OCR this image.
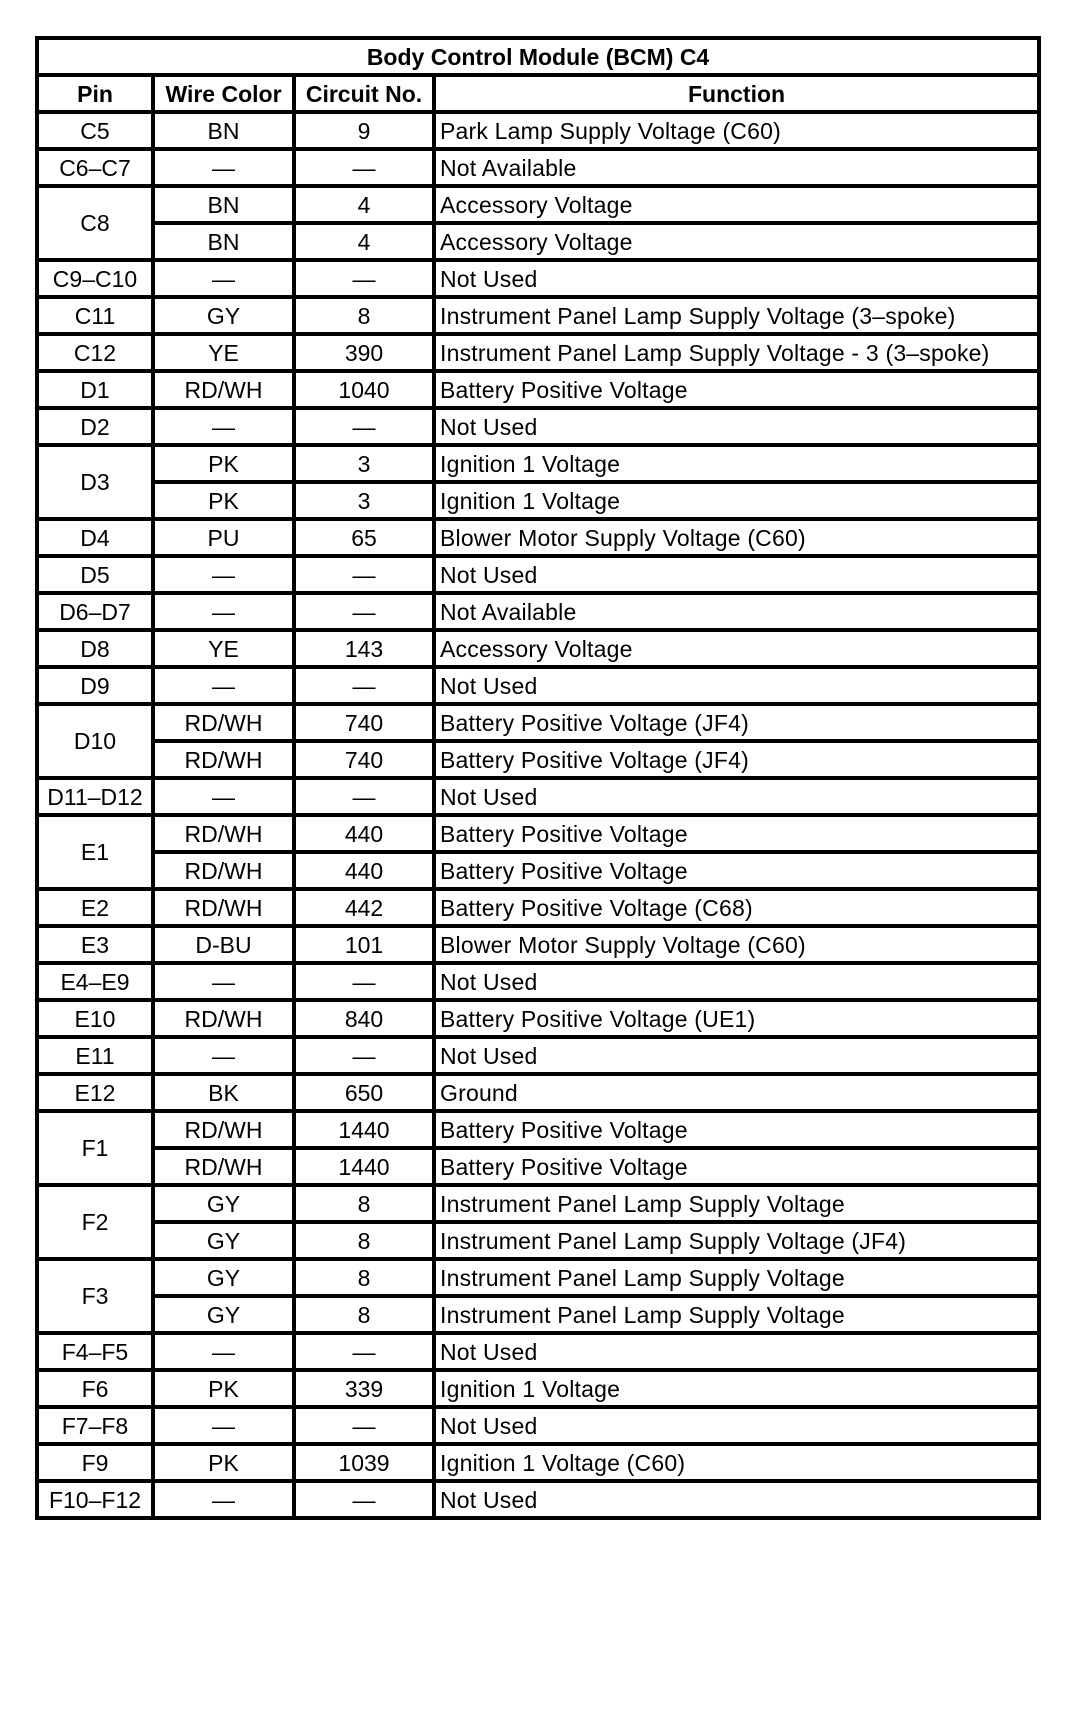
Body Control Module (BCM) C4			
Pin	Wire Color	Circuit No.	Function
C5	BN	9	Park Lamp Supply Voltage (C60)
C6–C7	—	—	Not Available
C8	BN	4	Accessory Voltage
	BN	4	Accessory Voltage
C9–C10	—	—	Not Used
C11	GY	8	Instrument Panel Lamp Supply Voltage (3–spoke)
C12	YE	390	Instrument Panel Lamp Supply Voltage - 3 (3–spoke)
D1	RD/WH	1040	Battery Positive Voltage
D2	—	—	Not Used
D3	PK	3	Ignition 1 Voltage
	PK	3	Ignition 1 Voltage
D4	PU	65	Blower Motor Supply Voltage (C60)
D5	—	—	Not Used
D6–D7	—	—	Not Available
D8	YE	143	Accessory Voltage
D9	—	—	Not Used
D10	RD/WH	740	Battery Positive Voltage (JF4)
	RD/WH	740	Battery Positive Voltage (JF4)
D11–D12	—	—	Not Used
E1	RD/WH	440	Battery Positive Voltage
	RD/WH	440	Battery Positive Voltage
E2	RD/WH	442	Battery Positive Voltage (C68)
E3	D-BU	101	Blower Motor Supply Voltage (C60)
E4–E9	—	—	Not Used
E10	RD/WH	840	Battery Positive Voltage (UE1)
E11	—	—	Not Used
E12	BK	650	Ground
F1	RD/WH	1440	Battery Positive Voltage
	RD/WH	1440	Battery Positive Voltage
F2	GY	8	Instrument Panel Lamp Supply Voltage
	GY	8	Instrument Panel Lamp Supply Voltage (JF4)
F3	GY	8	Instrument Panel Lamp Supply Voltage
	GY	8	Instrument Panel Lamp Supply Voltage
F4–F5	—	—	Not Used
F6	PK	339	Ignition 1 Voltage
F7–F8	—	—	Not Used
F9	PK	1039	Ignition 1 Voltage (C60)
F10–F12	—	—	Not Used
